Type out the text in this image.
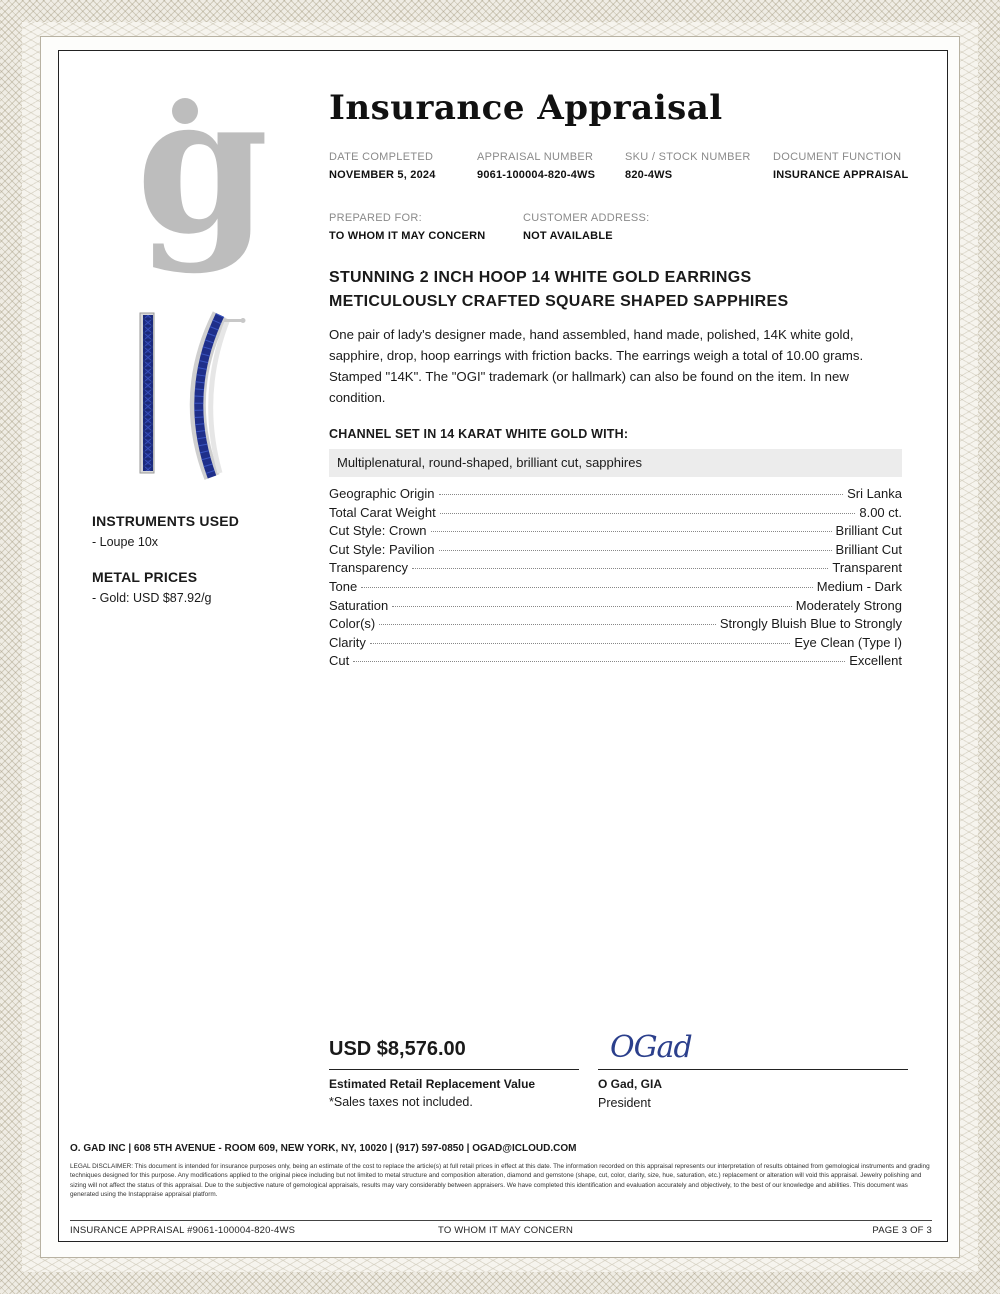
g
INSTRUMENTS USED
- Loupe 10x
METAL PRICES
- Gold: USD $87.92/g
Insurance Appraisal
DATE COMPLETED
NOVEMBER 5, 2024
APPRAISAL NUMBER
9061-100004-820-4WS
SKU / STOCK NUMBER
820-4WS
DOCUMENT FUNCTION
INSURANCE APPRAISAL
PREPARED FOR:
TO WHOM IT MAY CONCERN
CUSTOMER ADDRESS:
NOT AVAILABLE
STUNNING 2 INCH HOOP 14 WHITE GOLD EARRINGS
METICULOUSLY CRAFTED SQUARE SHAPED SAPPHIRES
One pair of lady's designer made, hand assembled, hand made, polished, 14K white gold, sapphire, drop, hoop earrings with friction backs. The earrings weigh a total of 10.00 grams. Stamped "14K". The "OGI" trademark (or hallmark) can also be found on the item. In new condition.
CHANNEL SET IN 14 KARAT WHITE GOLD WITH:
Multiplenatural, round-shaped, brilliant cut, sapphires
Geographic Origin	Sri Lanka
Total Carat Weight	8.00 ct.
Cut Style: Crown	Brilliant Cut
Cut Style: Pavilion	Brilliant Cut
Transparency	Transparent
Tone	Medium - Dark
Saturation	Moderately Strong
Color(s)	Strongly Bluish Blue to Strongly
Clarity	Eye Clean (Type I)
Cut	Excellent
USD $8,576.00
Estimated Retail Replacement Value
*Sales taxes not included.
OGad
O Gad, GIA
President
O. GAD INC | 608 5TH AVENUE - ROOM 609, NEW YORK, NY, 10020 | (917) 597-0850 | OGAD@ICLOUD.COM
LEGAL DISCLAIMER: This document is intended for insurance purposes only, being an estimate of the cost to replace the article(s) at full retail prices in effect at this date. The information recorded on this appraisal represents our interpretation of results obtained from gemological instruments and grading techniques designed for this purpose. Any modifications applied to the original piece including but not limited to metal structure and composition alteration, diamond and gemstone (shape, cut, color, clarity, size, hue, saturation, etc.) replacement or alteration will void this appraisal. Jewelry polishing and sizing will not affect the status of this appraisal. Due to the subjective nature of gemological appraisals, results may vary considerably between appraisers. We have completed this identification and evaluation accurately and objectively, to the best of our knowledge and abilities. This document was generated using the Instappraise appraisal platform.
INSURANCE APPRAISAL #9061-100004-820-4WS	TO WHOM IT MAY CONCERN	PAGE 3 OF 3
